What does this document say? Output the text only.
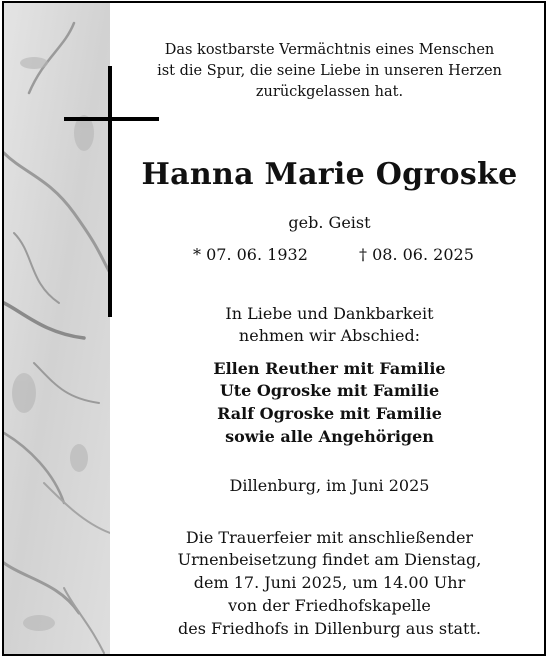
Das kostbarste Vermächtnis eines Menschen
ist die Spur, die seine Liebe in unseren Herzen
zurückgelassen hat.
Hanna Marie Ogroske
geb. Geist
* 07. 06. 1932	† 08. 06. 2025
In Liebe und Dankbarkeit
nehmen wir Abschied:
Ellen Reuther mit Familie
Ute Ogroske mit Familie
Ralf Ogroske mit Familie
sowie alle Angehörigen
Dillenburg, im Juni 2025
Die Trauerfeier mit anschließender
Urnenbeisetzung findet am Dienstag,
dem 17. Juni 2025, um 14.00 Uhr
von der Friedhofskapelle
des Friedhofs in Dillenburg aus statt.
